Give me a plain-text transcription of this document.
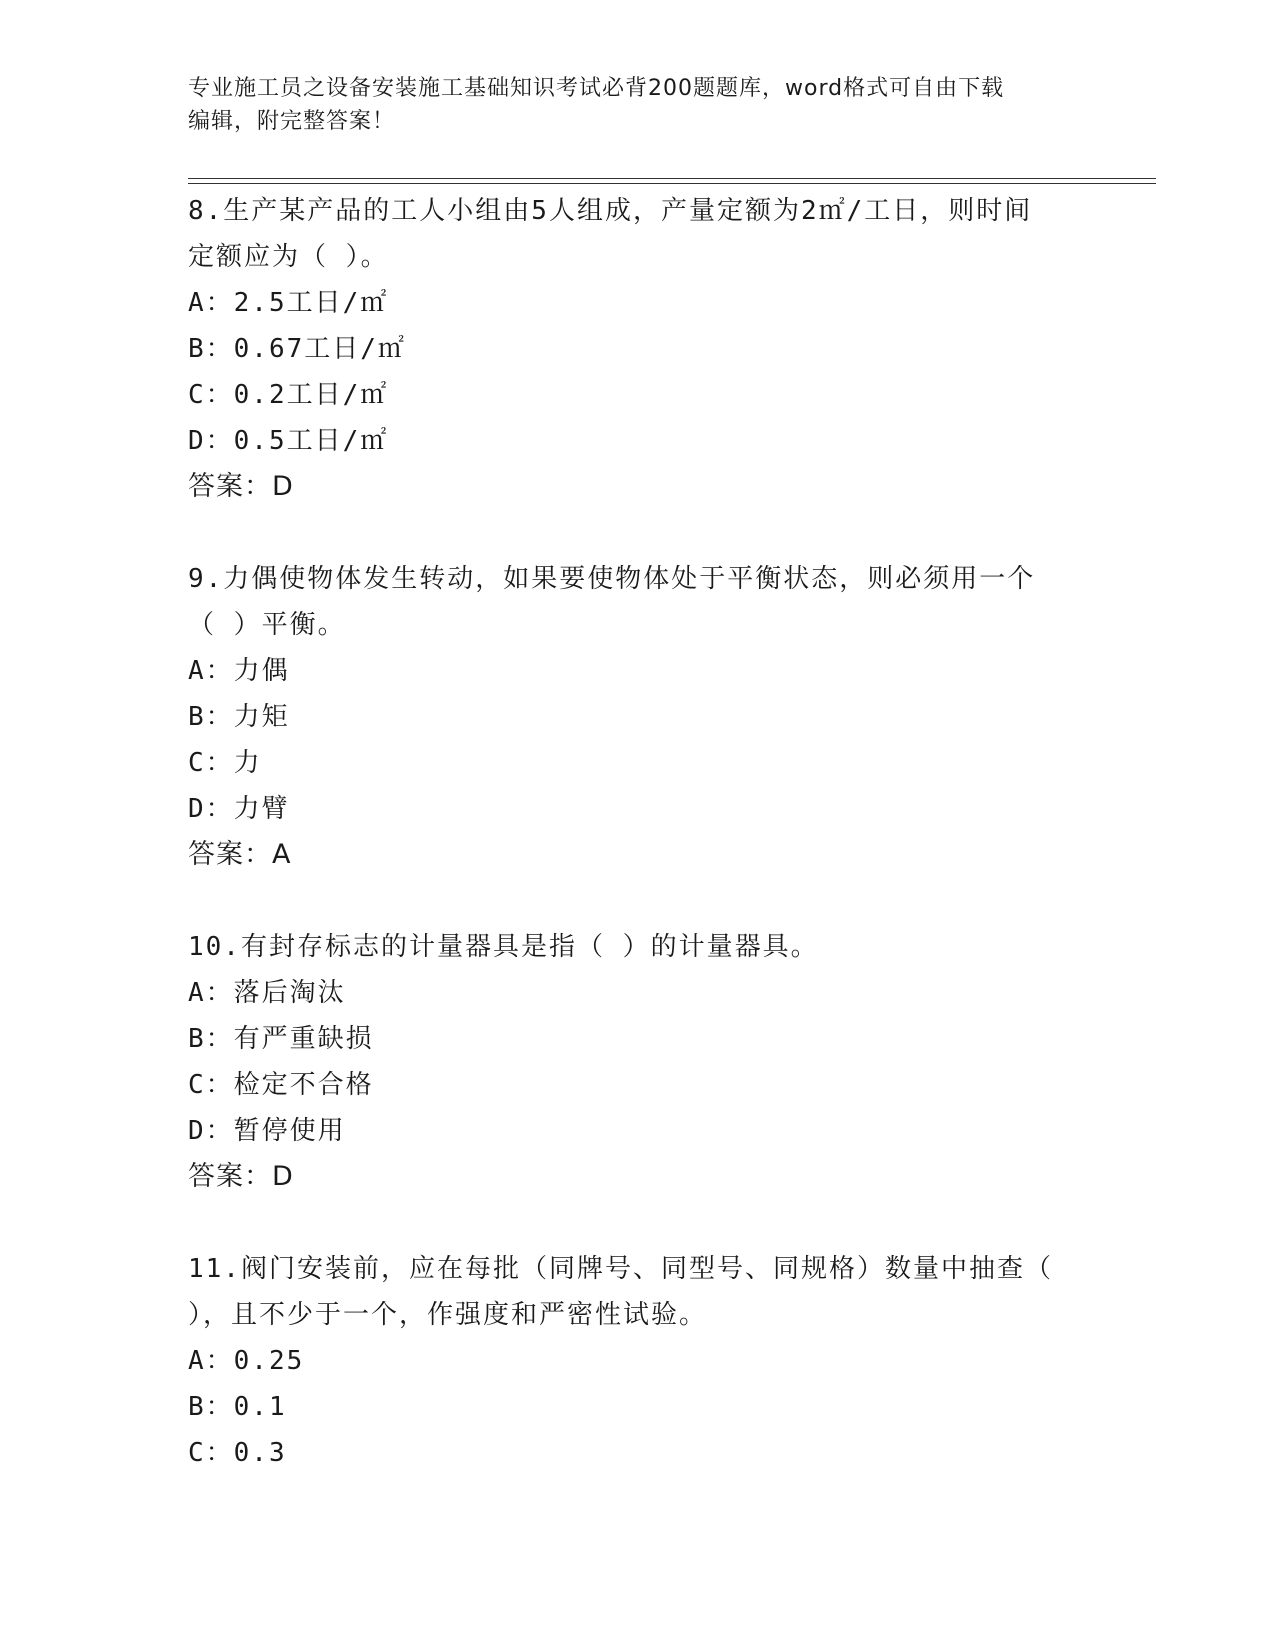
专业施工员之设备安装施工基础知识考试必背200题题库，word格式可自由下载
编辑，附完整答案！
8.生产某产品的工人小组由5人组成，产量定额为2㎡/工日，则时间
定额应为（ ）。
A：2.5工日/㎡
B：0.67工日/㎡
C：0.2工日/㎡
D：0.5工日/㎡
答案：D
9.力偶使物体发生转动，如果要使物体处于平衡状态，则必须用一个
（ ）平衡。
A：力偶
B：力矩
C：力
D：力臂
答案：A
10.有封存标志的计量器具是指（ ）的计量器具。
A：落后淘汰
B：有严重缺损
C：检定不合格
D：暂停使用
答案：D
11.阀门安装前，应在每批（同牌号、同型号、同规格）数量中抽查（
），且不少于一个，作强度和严密性试验。
A：0.25
B：0.1
C：0.3
